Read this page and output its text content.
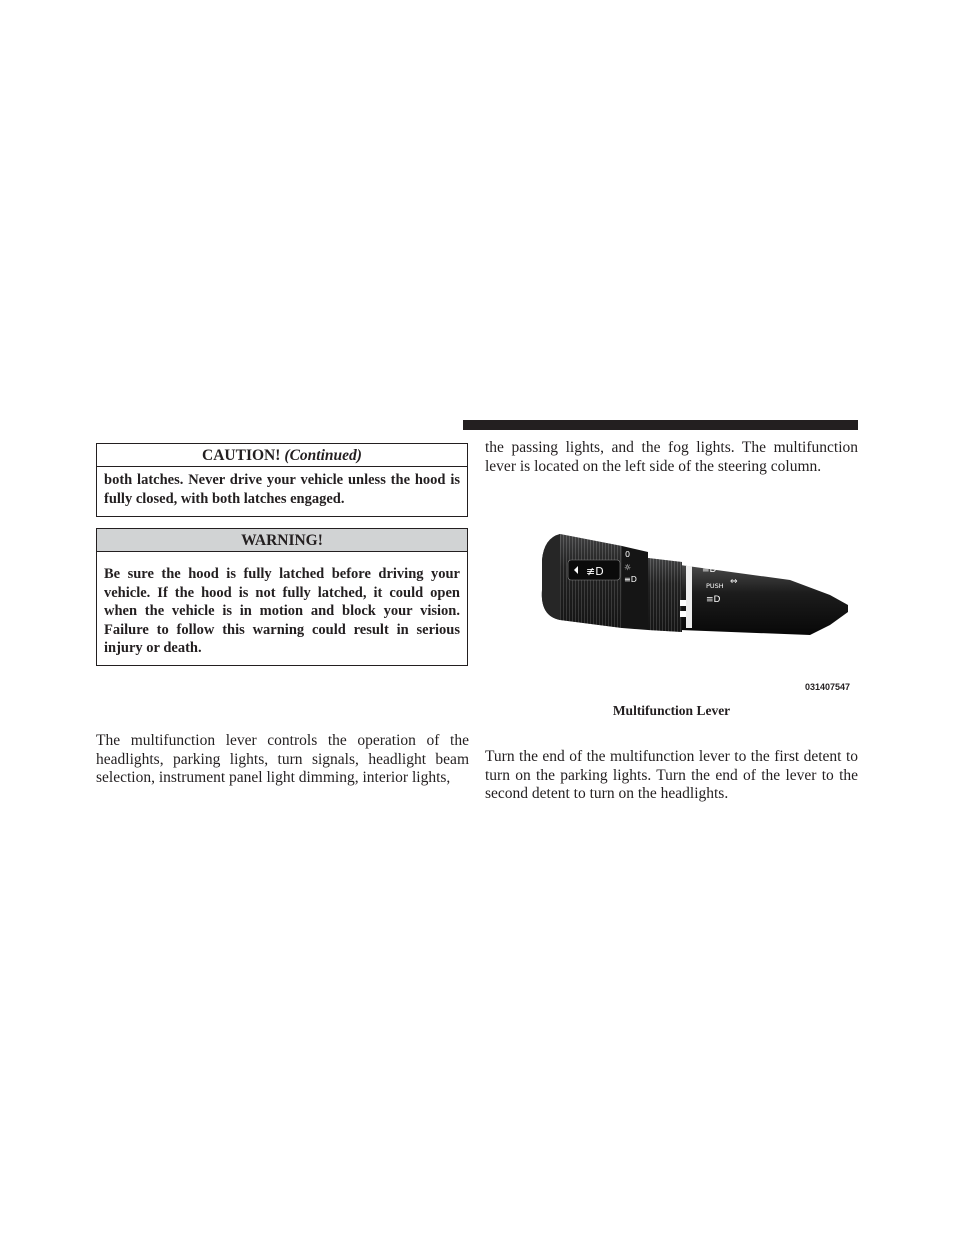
CAUTION! (Continued)
both latches. Never drive your vehicle unless the hood is fully closed, with both latches engaged.
WARNING!
Be sure the hood is fully latched before driving your vehicle. If the hood is not fully latched, it could open when the vehicle is in motion and block your vision. Failure to follow this warning could result in serious injury or death.

The multifunction lever controls the operation of the headlights, parking lights, turn signals, headlight beam selection, instrument panel light dimming, interior lights,

the passing lights, and the fog lights. The multifunction lever is located on the left side of the steering column.

≢D
0
☼
≡D
☼	0
≡D
PUSH ⇔
≡D
031407547
Multifunction Lever

Turn the end of the multifunction lever to the first detent to turn on the parking lights. Turn the end of the lever to the second detent to turn on the headlights.
